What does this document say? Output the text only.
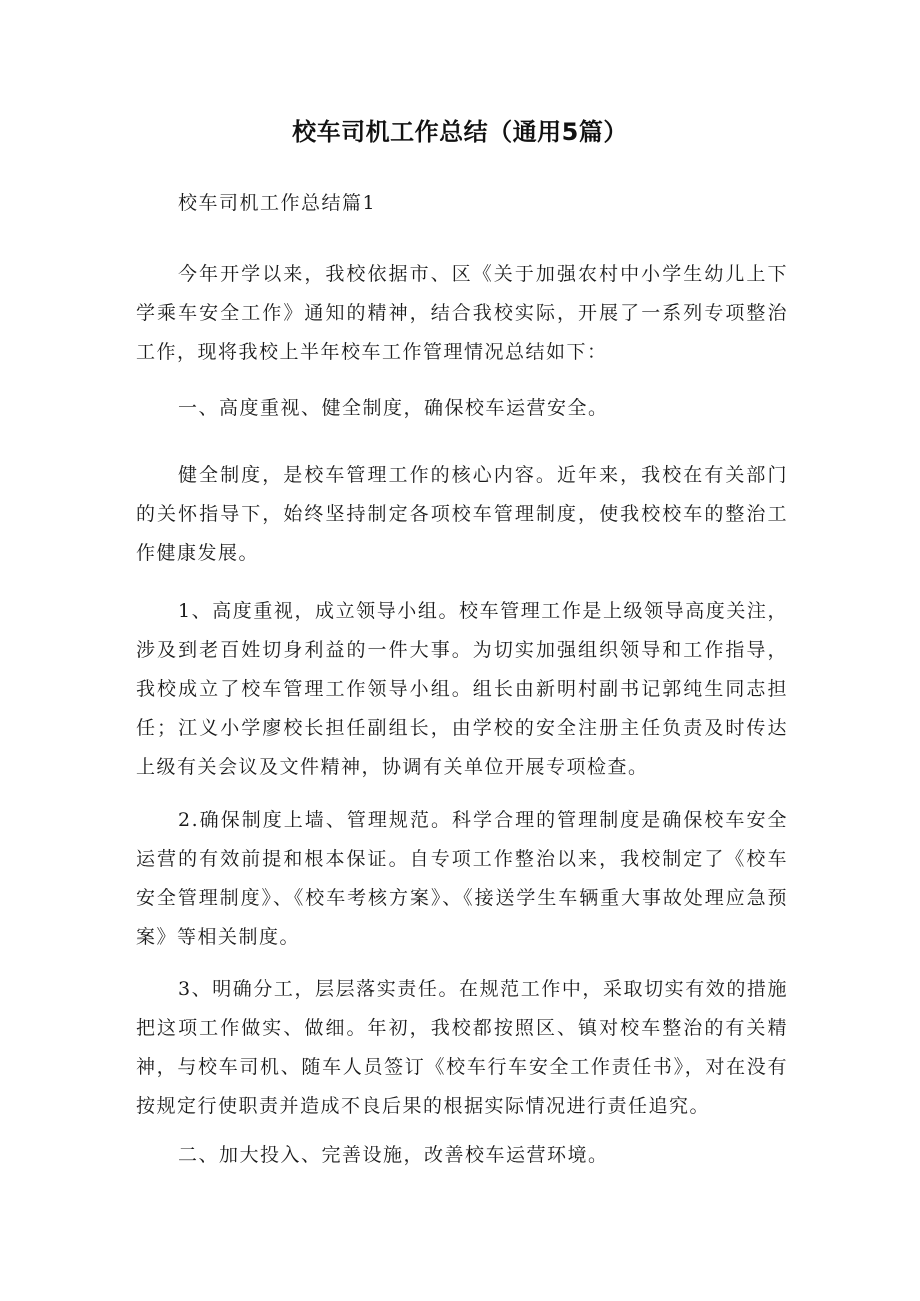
校车司机工作总结（通用5篇）

校车司机工作总结篇1

今年开学以来，我校依据市、区《关于加强农村中小学生幼儿上下学乘车安全工作》通知的精神，结合我校实际，开展了一系列专项整治工作，现将我校上半年校车工作管理情况总结如下：

一、高度重视、健全制度，确保校车运营安全。

健全制度，是校车管理工作的核心内容。近年来，我校在有关部门的关怀指导下，始终坚持制定各项校车管理制度，使我校校车的整治工作健康发展。

1、高度重视，成立领导小组。校车管理工作是上级领导高度关注，涉及到老百姓切身利益的一件大事。为切实加强组织领导和工作指导，我校成立了校车管理工作领导小组。组长由新明村副书记郭纯生同志担任；江义小学廖校长担任副组长，由学校的安全注册主任负责及时传达上级有关会议及文件精神，协调有关单位开展专项检查。

2.确保制度上墙、管理规范。科学合理的管理制度是确保校车安全运营的有效前提和根本保证。自专项工作整治以来，我校制定了《校车安全管理制度》、《校车考核方案》、《接送学生车辆重大事故处理应急预案》等相关制度。

3、明确分工，层层落实责任。在规范工作中，采取切实有效的措施把这项工作做实、做细。年初，我校都按照区、镇对校车整治的有关精神，与校车司机、随车人员签订《校车行车安全工作责任书》，对在没有按规定行使职责并造成不良后果的根据实际情况进行责任追究。

二、加大投入、完善设施，改善校车运营环境。
